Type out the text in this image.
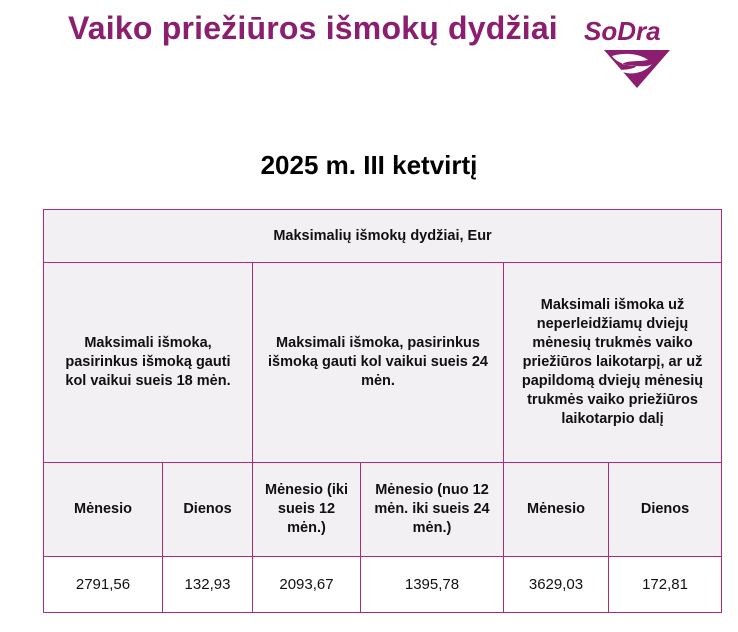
Vaiko priežiūros išmokų dydžiai SoDra
2025 m. III ketvirtį
Maksimalių išmokų dydžiai, Eur					
Maksimali išmoka, pasirinkus išmoką gauti kol vaikui sueis 18 mėn.		Maksimali išmoka, pasirinkus išmoką gauti kol vaikui sueis 24 mėn.		Maksimali išmoka už neperleidžiamų dviejų mėnesių trukmės vaiko priežiūros laikotarpį, ar už papildomą dviejų mėnesių trukmės vaiko priežiūros laikotarpio dalį	
Mėnesio	Dienos	Mėnesio (iki sueis 12 mėn.)	Mėnesio (nuo 12 mėn. iki sueis 24 mėn.)	Mėnesio	Dienos
2791,56	132,93	2093,67	1395,78	3629,03	172,81
